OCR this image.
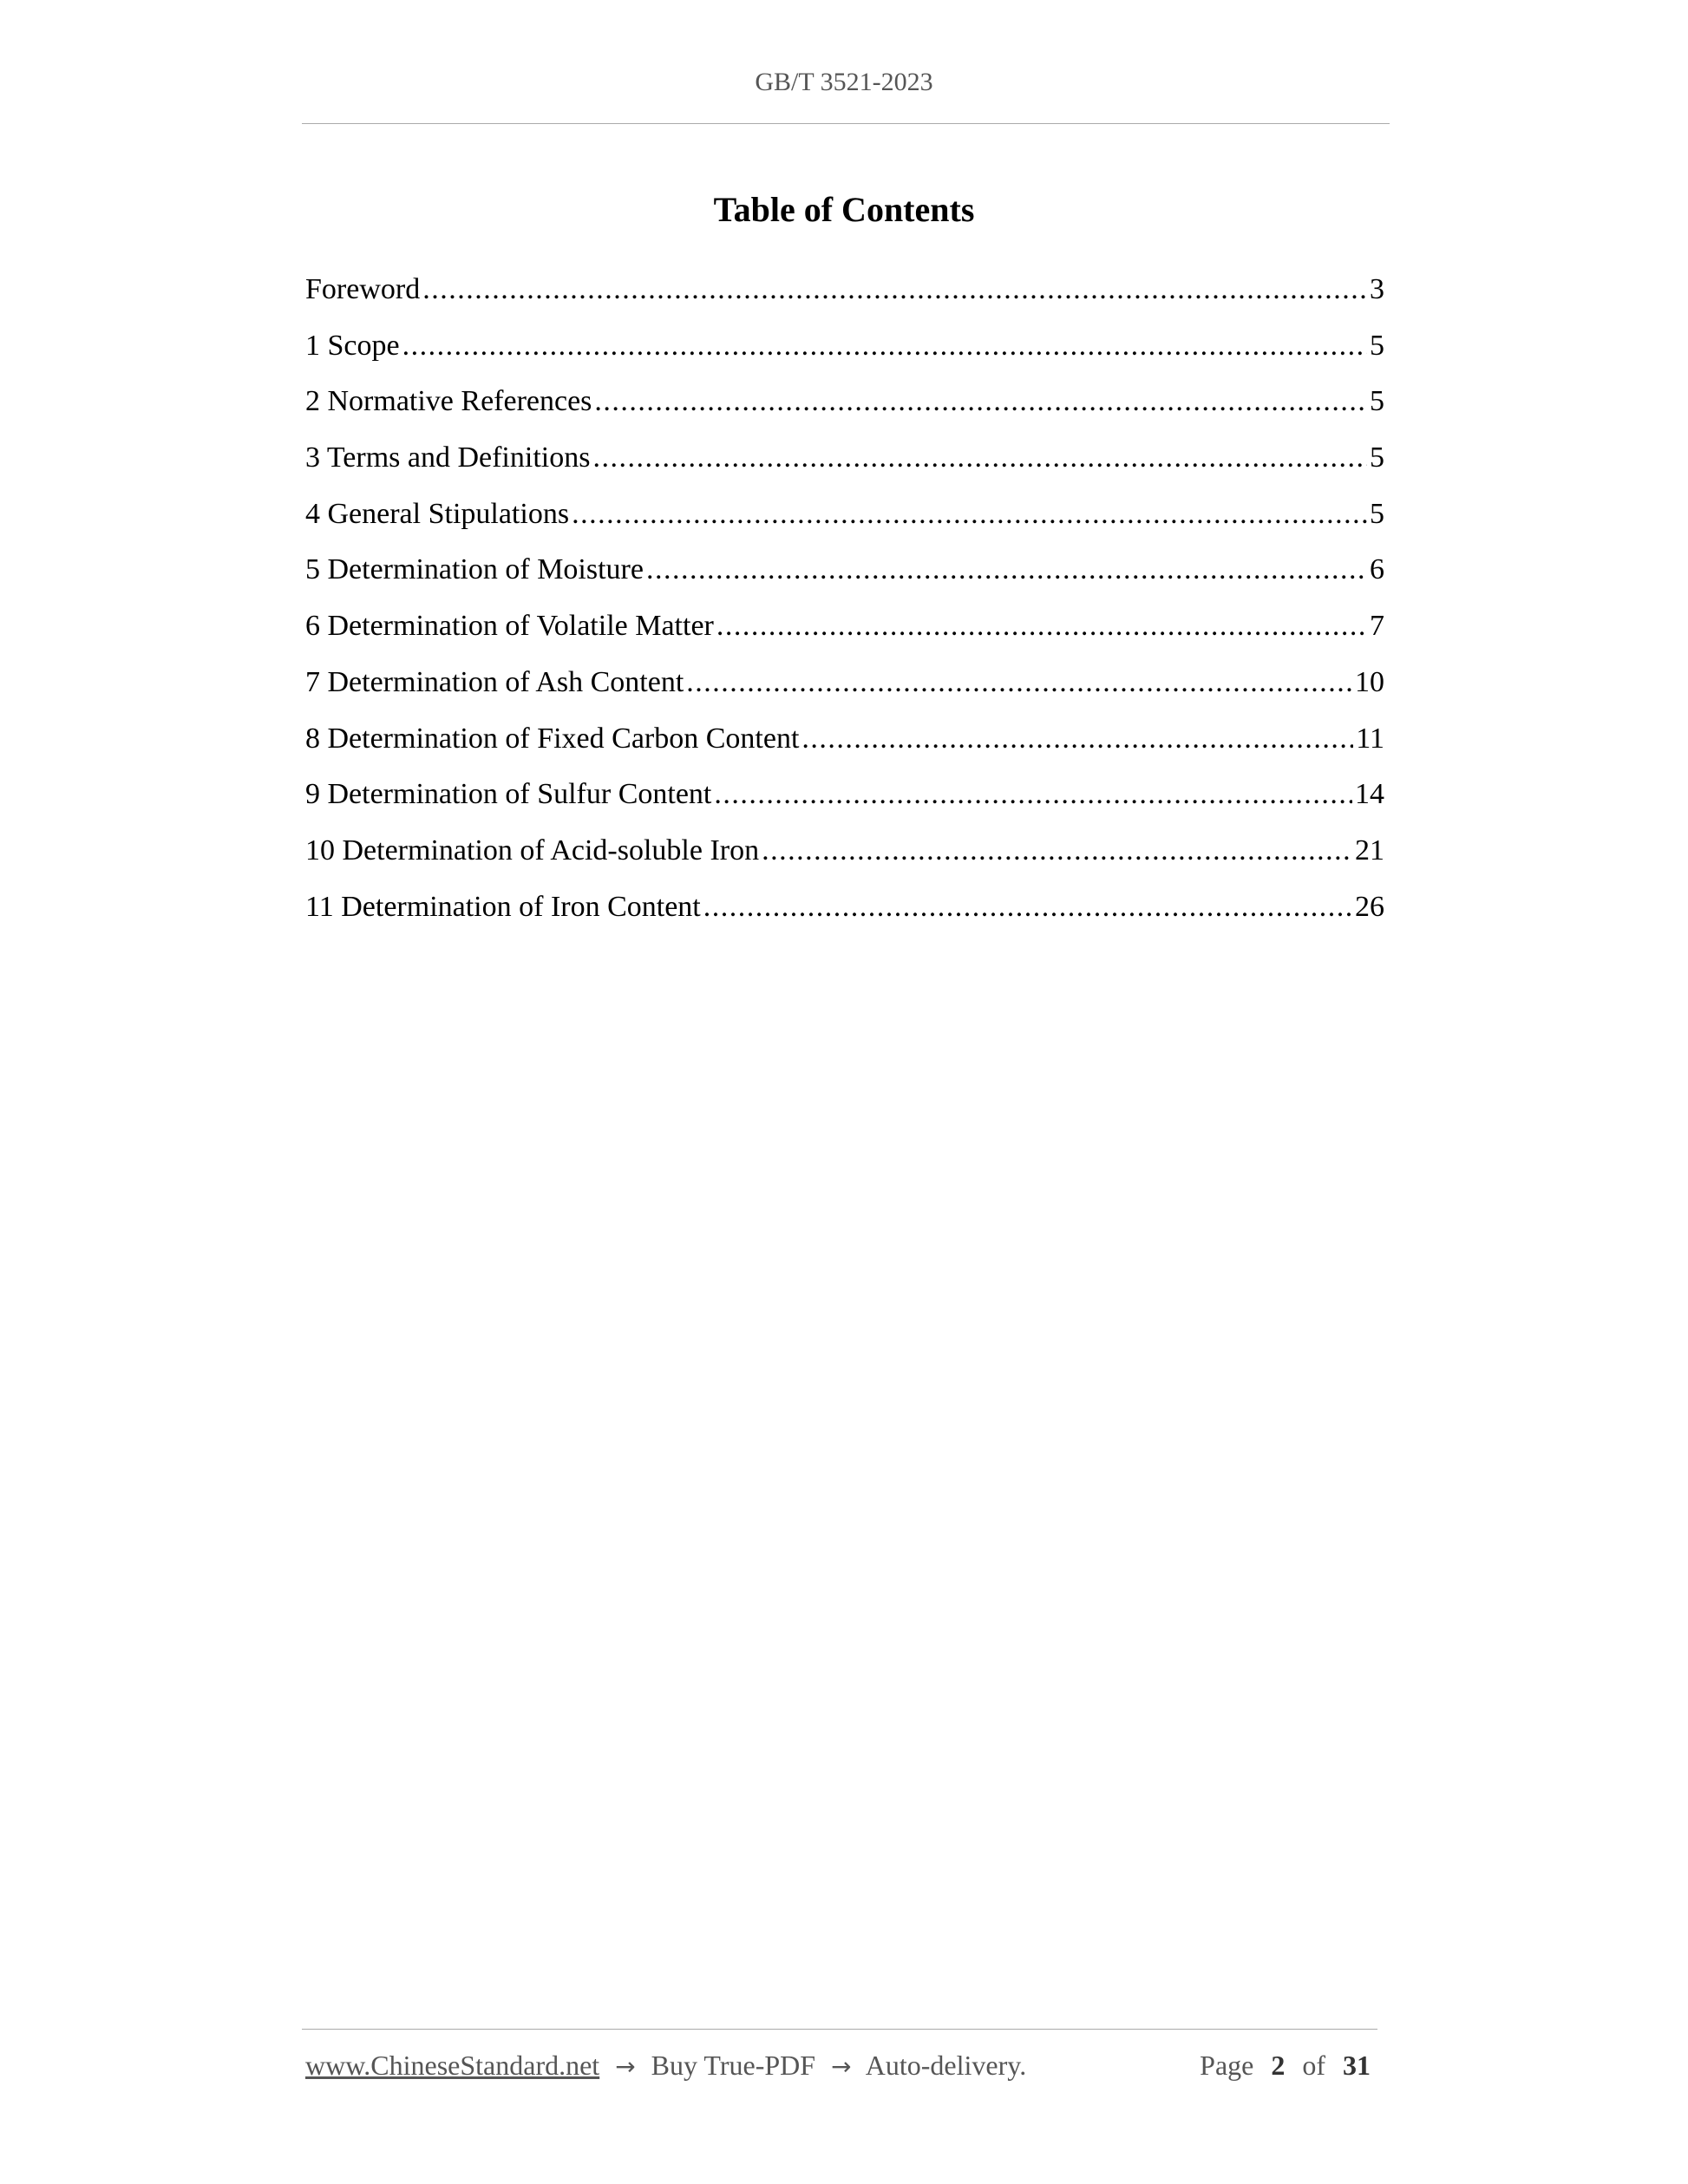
GB/T 3521-2023
Table of Contents
Foreword .....	3
1 Scope .....	5
2 Normative References .....	5
3 Terms and Definitions .....	5
4 General Stipulations .....	5
5 Determination of Moisture .....	6
6 Determination of Volatile Matter .....	7
7 Determination of Ash Content .....	10
8 Determination of Fixed Carbon Content .....	11
9 Determination of Sulfur Content .....	14
10 Determination of Acid-soluble Iron .....	21
11 Determination of Iron Content .....	26
www.ChineseStandard.net → Buy True-PDF → Auto-delivery.	Page 2 of 31
